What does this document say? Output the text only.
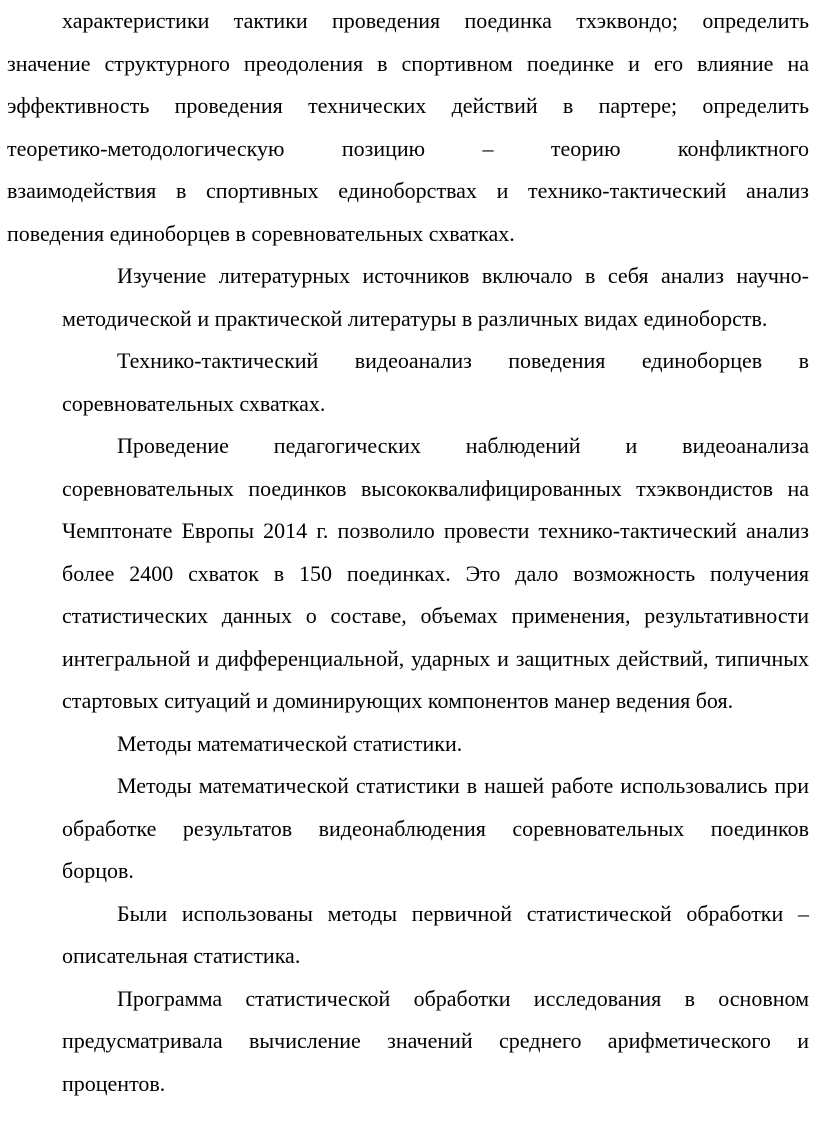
характеристики тактики проведения поединка тхэквондо; определить
значение структурного преодоления в спортивном поединке и его влияние на
эффективность проведения технических действий в партере; определить
теоретико-методологическую позицию – теорию конфликтного
взаимодействия в спортивных единоборствах и технико-тактический анализ
поведения единоборцев в соревновательных схватках.
Изучение литературных источников включало в себя анализ научно-
методической и практической литературы в различных видах единоборств.
Технико-тактический видеоанализ поведения единоборцев в
соревновательных схватках.
Проведение педагогических наблюдений и видеоанализа
соревновательных поединков высококвалифицированных тхэквондистов на
Чемптонате Европы 2014 г. позволило провести технико-тактический анализ
более 2400 схваток в 150 поединках. Это дало возможность получения
статистических данных о составе, объемах применения, результативности
интегральной и дифференциальной, ударных и защитных действий, типичных
стартовых ситуаций и доминирующих компонентов манер ведения боя.
Методы математической статистики.
Методы математической статистики в нашей работе использовались при
обработке результатов видеонаблюдения соревновательных поединков
борцов.
Были использованы методы первичной статистической обработки –
описательная статистика.
Программа статистической обработки исследования в основном
предусматривала вычисление значений среднего арифметического и
процентов.
